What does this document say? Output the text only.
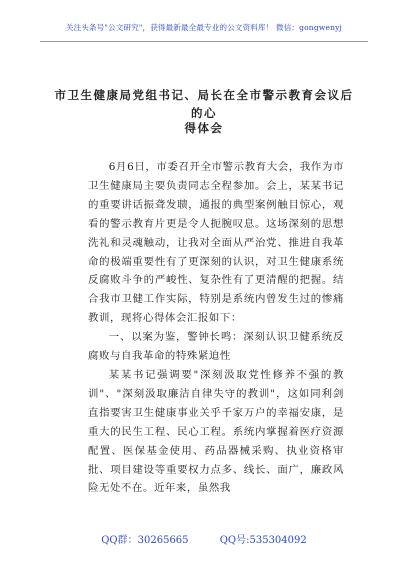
关注头条号"公文研究"，获得最新最全最专业的公文资料库！ 微信：gongwenyj
市卫生健康局党组书记、局长在全市警示教育会议后的心
得体会

6月6日，市委召开全市警示教育大会，我作为市卫生健康局主要负责同志全程参加。会上，某某书记的重要讲话振聋发聩，通报的典型案例触目惊心，观看的警示教育片更是令人扼腕叹息。这场深刻的思想洗礼和灵魂触动，让我对全面从严治党、推进自我革命的极端重要性有了更深刻的认识，对卫生健康系统反腐败斗争的严峻性、复杂性有了更清醒的把握。结合我市卫健工作实际，特别是系统内曾发生过的惨痛教训，现将心得体会汇报如下：

一、以案为鉴，警钟长鸣：深刻认识卫健系统反腐败与自我革命的特殊紧迫性

某某书记强调要"深刻汲取党性修养不强的教训"、"深刻汲取廉洁自律失守的教训"，这如同利剑直指要害卫生健康事业关乎千家万户的幸福安康，是重大的民生工程、民心工程。系统内掌握着医疗资源配置、医保基金使用、药品器械采购、执业资格审批、项目建设等重要权力点多、线长、面广，廉政风险无处不在。近年来，虽然我

QQ群：30265665	QQ号:535304092
